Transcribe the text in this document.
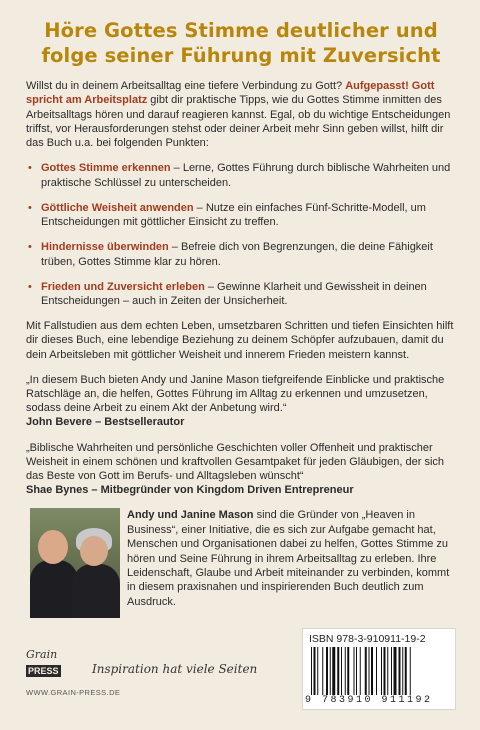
Höre Gottes Stimme deutlicher und
folge seiner Führung mit Zuversicht

Willst du in deinem Arbeitsalltag eine tiefere Verbindung zu Gott? Aufgepasst! Gott spricht am Arbeitsplatz gibt dir praktische Tipps, wie du Gottes Stimme inmitten des Arbeitsalltags hören und darauf reagieren kannst. Egal, ob du wichtige Entscheidungen triffst, vor Herausforderungen stehst oder deiner Arbeit mehr Sinn geben willst, hilft dir das Buch u.a. bei folgenden Punkten:

• Gottes Stimme erkennen – Lerne, Gottes Führung durch biblische Wahrheiten und praktische Schlüssel zu unterscheiden.
• Göttliche Weisheit anwenden – Nutze ein einfaches Fünf-Schritte-Modell, um Entscheidungen mit göttlicher Einsicht zu treffen.
• Hindernisse überwinden – Befreie dich von Begrenzungen, die deine Fähigkeit trüben, Gottes Stimme klar zu hören.
• Frieden und Zuversicht erleben – Gewinne Klarheit und Gewissheit in deinen Entscheidungen – auch in Zeiten der Unsicherheit.

Mit Fallstudien aus dem echten Leben, umsetzbaren Schritten und tiefen Einsichten hilft dir dieses Buch, eine lebendige Beziehung zu deinem Schöpfer aufzubauen, damit du dein Arbeitsleben mit göttlicher Weisheit und innerem Frieden meistern kannst.

„In diesem Buch bieten Andy und Janine Mason tiefgreifende Einblicke und praktische Ratschläge an, die helfen, Gottes Führung im Alltag zu erkennen und umzusetzen, sodass deine Arbeit zu einem Akt der Anbetung wird.“

John Bevere – Bestsellerautor

„Biblische Wahrheiten und persönliche Geschichten voller Offenheit und praktischer Weisheit in einem schönen und kraftvollen Gesamtpaket für jeden Gläubigen, der sich das Beste von Gott im Berufs- und Alltagsleben wünscht“

Shae Bynes – Mitbegründer von Kingdom Driven Entrepreneur

Andy und Janine Mason sind die Gründer von „Heaven in Business“, einer Initiative, die es sich zur Aufgabe gemacht hat, Menschen und Organisationen dabei zu helfen, Gottes Stimme zu hören und Seine Führung in ihrem Arbeitsalltag zu erleben. Ihre Leidenschaft, Glaube und Arbeit miteinander zu verbinden, kommt in diesem praxisnahen und inspirierenden Buch deutlich zum Ausdruck.

Grain
PRESS	Inspiration hat viele Seiten
WWW.GRAIN-PRESS.DE
ISBN 978-3-910911-19-2
9 783910 911192
